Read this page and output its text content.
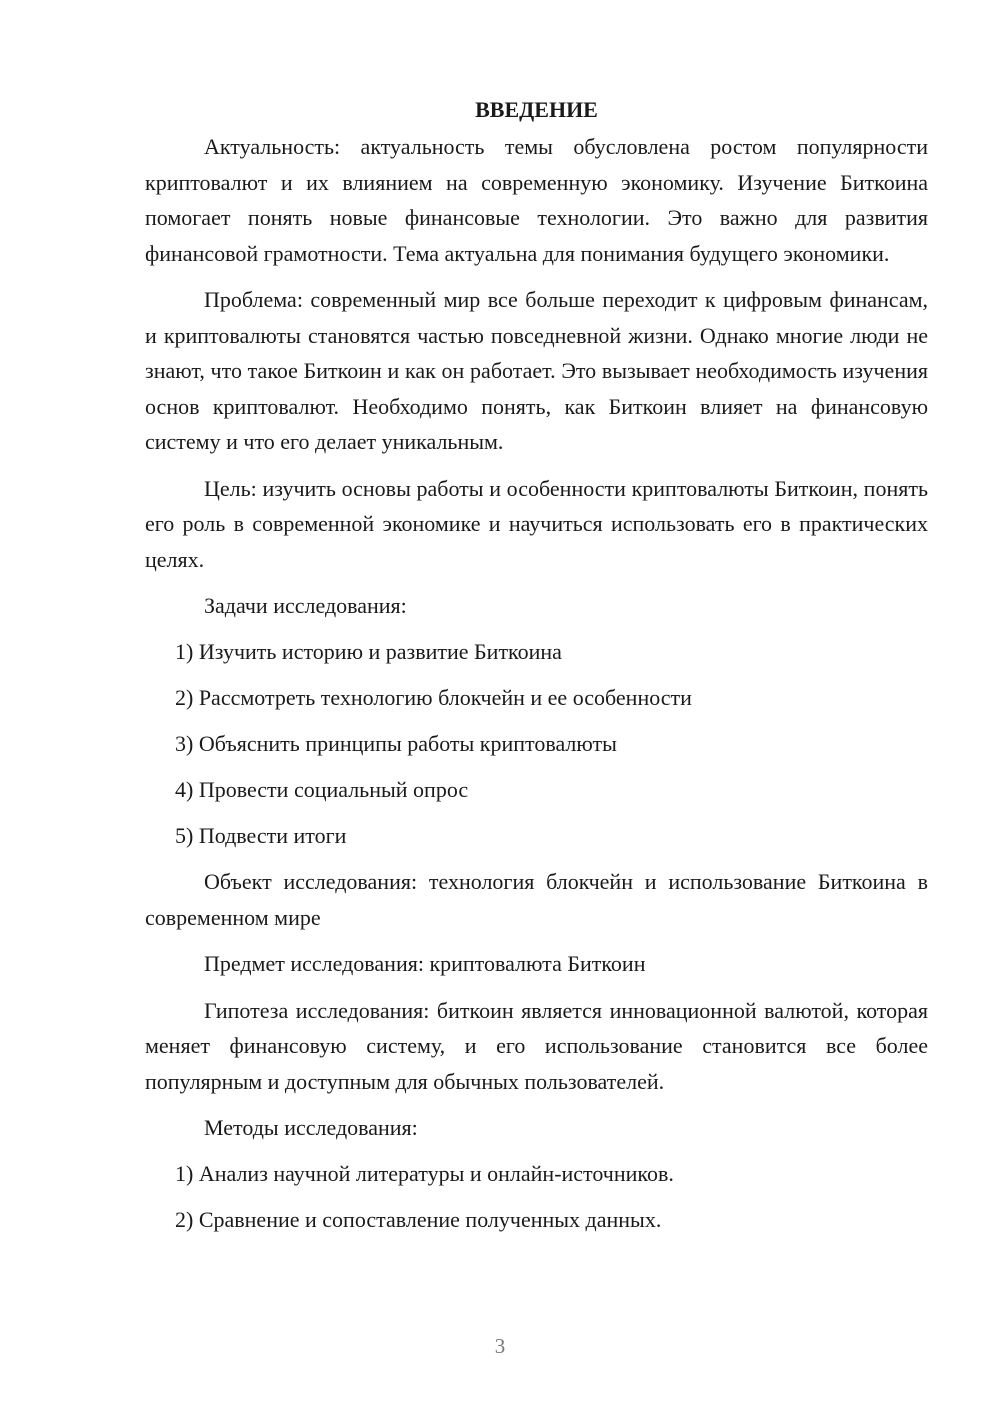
ВВЕДЕНИЕ

Актуальность: актуальность темы обусловлена ростом популярности криптовалют и их влиянием на современную экономику. Изучение Биткоина помогает понять новые финансовые технологии. Это важно для развития финансовой грамотности. Тема актуальна для понимания будущего экономики.

Проблема: современный мир все больше переходит к цифровым финансам, и криптовалюты становятся частью повседневной жизни. Однако многие люди не знают, что такое Биткоин и как он работает. Это вызывает необходимость изучения основ криптовалют. Необходимо понять, как Биткоин влияет на финансовую систему и что его делает уникальным.

Цель: изучить основы работы и особенности криптовалюты Биткоин, понять его роль в современной экономике и научиться использовать его в практических целях.

Задачи исследования:
1) Изучить историю и развитие Биткоина
2) Рассмотреть технологию блокчейн и ее особенности
3) Объяснить принципы работы криптовалюты
4) Провести социальный опрос
5) Подвести итоги

Объект исследования: технология блокчейн и использование Биткоина в современном мире

Предмет исследования: криптовалюта Биткоин

Гипотеза исследования: биткоин является инновационной валютой, которая меняет финансовую систему, и его использование становится все более популярным и доступным для обычных пользователей.

Методы исследования:
1) Анализ научной литературы и онлайн-источников.
2) Сравнение и сопоставление полученных данных.
3
